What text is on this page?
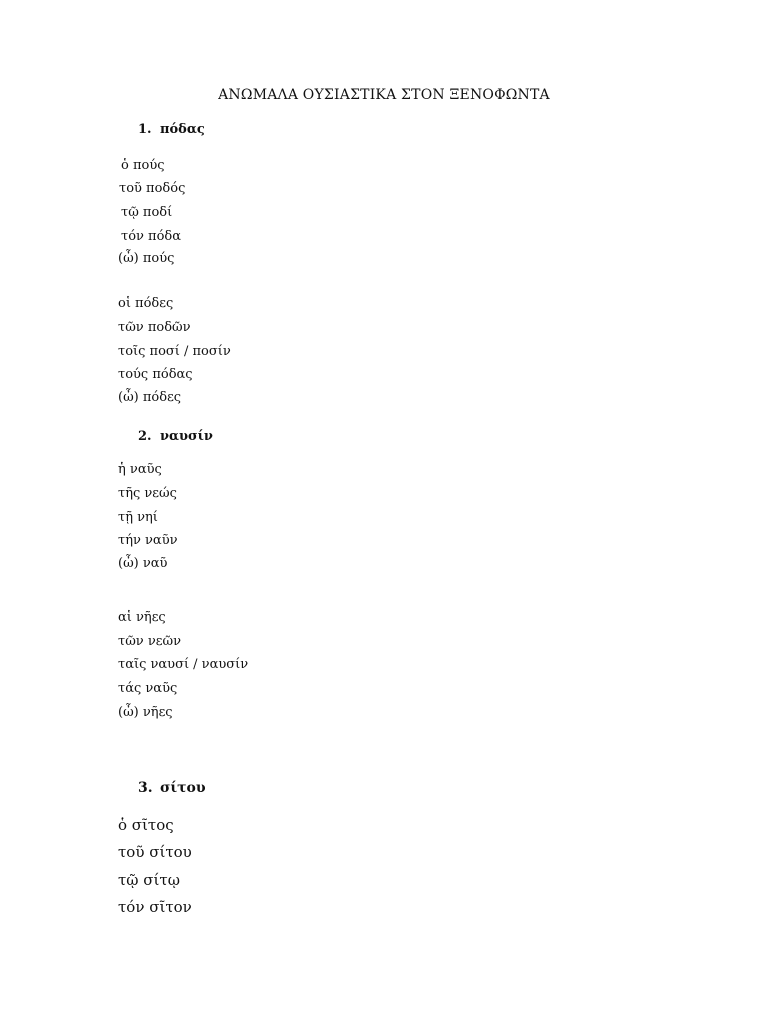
ΑΝΩΜΑΛΑ ΟΥΣΙΑΣΤΙΚΑ ΣΤΟΝ ΞΕΝΟΦΩΝΤΑ
1. πόδας
ὁ πούς
τοῦ ποδός
τῷ ποδί
τόν πόδα
(ὦ) πούς
οἱ πόδες
τῶν ποδῶν
τοῖς ποσί / ποσίν
τούς πόδας
(ὦ) πόδες
2. ναυσίν
ἡ ναῦς
τῆς νεώς
τῇ νηί
τήν ναῦν
(ὦ) ναῦ
αἱ νῆες
τῶν νεῶν
ταῖς ναυσί / ναυσίν
τάς ναῦς
(ὦ) νῆες
3. σίτου
ὁ σῖτος
τοῦ σίτου
τῷ σίτῳ
τόν σῖτον
